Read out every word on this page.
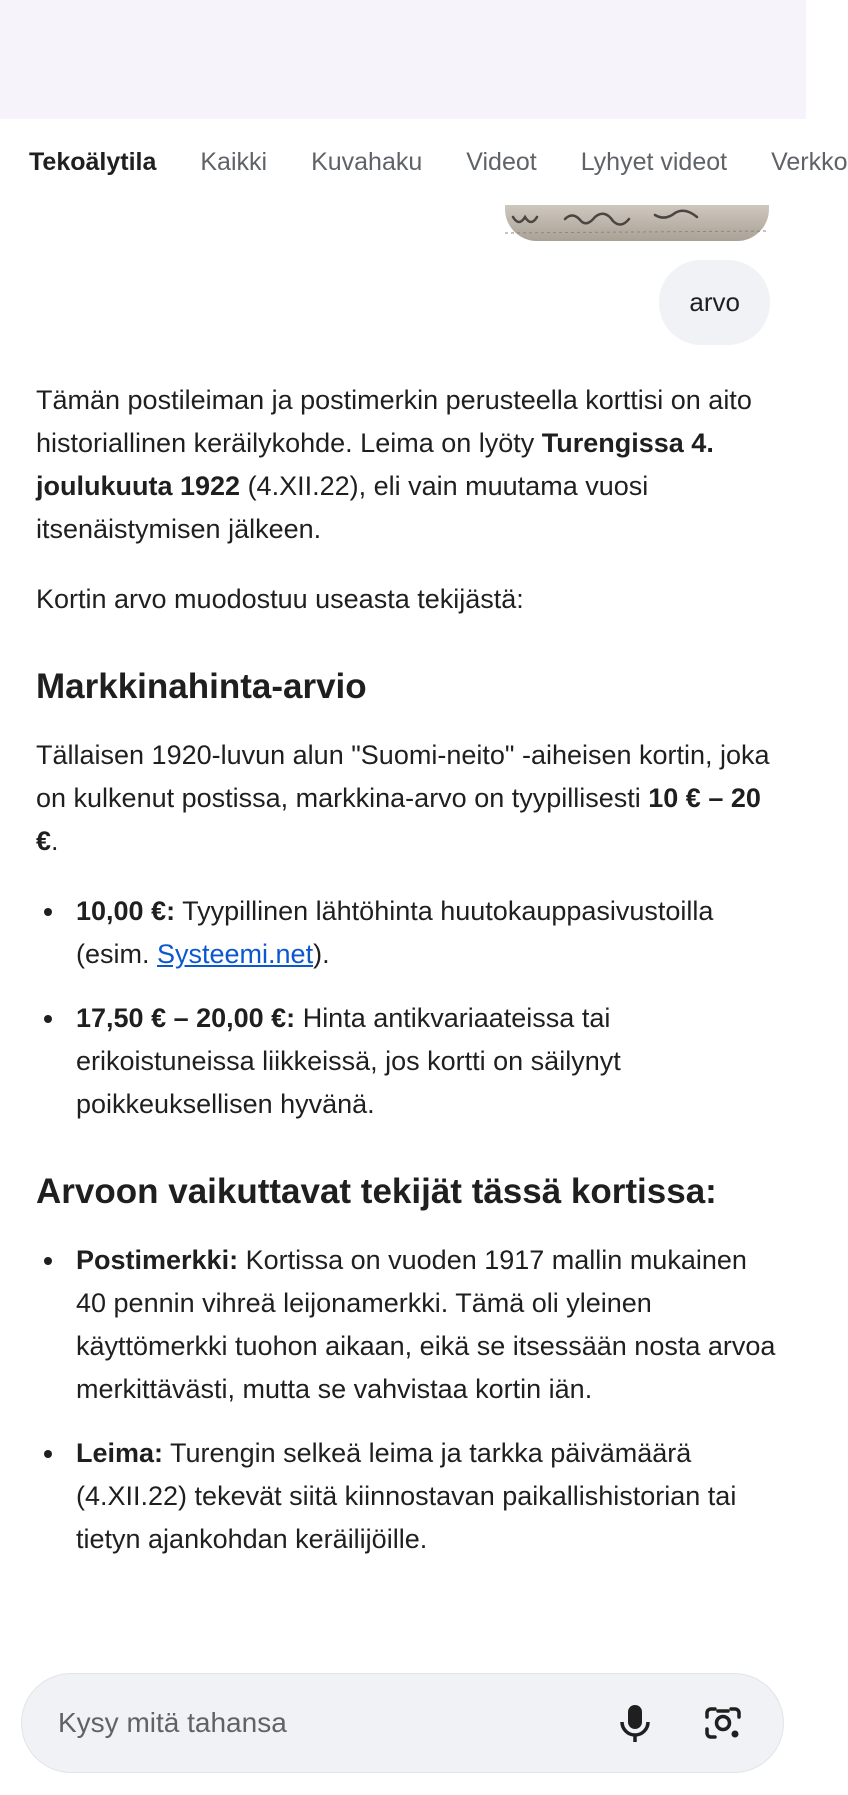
Tekoälytila Kaikki Kuvahaku Videot Lyhyet videot Verkko
arvo

Tämän postileiman ja postimerkin perusteella korttisi on aito historiallinen keräilykohde. Leima on lyöty Turengissa 4. joulukuuta 1922 (4.XII.22), eli vain muutama vuosi itsenäistymisen jälkeen.

Kortin arvo muodostuu useasta tekijästä:

Markkinahinta-arvio

Tällaisen 1920-luvun alun "Suomi-neito" -aiheisen kortin, joka on kulkenut postissa, markkina-arvo on tyypillisesti 10 € – 20 €.

10,00 €: Tyypillinen lähtöhinta huutokauppasivustoilla (esim. Systeemi.net).
17,50 € – 20,00 €: Hinta antikvariaateissa tai erikoistuneissa liikkeissä, jos kortti on säilynyt poikkeuksellisen hyvänä.
Arvoon vaikuttavat tekijät tässä kortissa:
Postimerkki: Kortissa on vuoden 1917 mallin mukainen 40 pennin vihreä leijonamerkki. Tämä oli yleinen käyttömerkki tuohon aikaan, eikä se itsessään nosta arvoa merkittävästi, mutta se vahvistaa kortin iän.
Leima: Turengin selkeä leima ja tarkka päivämäärä (4.XII.22) tekevät siitä kiinnostavan paikallishistorian tai tietyn ajankohdan keräilijöille.
Kysy mitä tahansa
